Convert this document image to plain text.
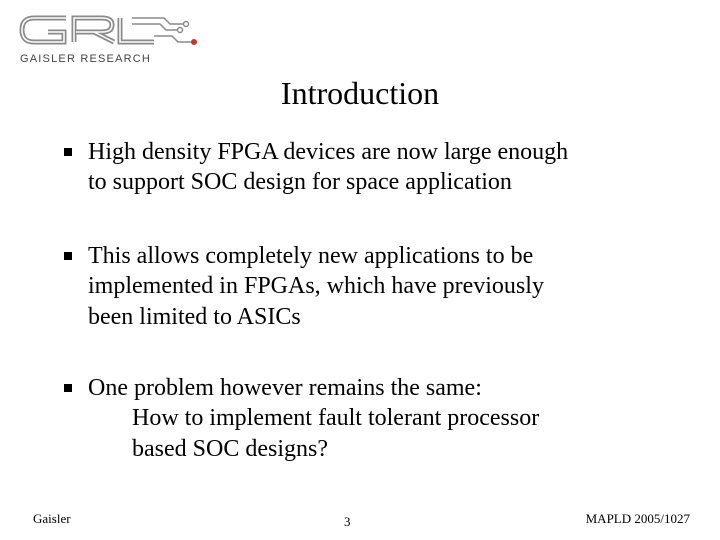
GAISLER RESEARCH
Introduction
High density FPGA devices are now large enough
to support SOC design for space application
This allows completely new applications to be
implemented in FPGAs, which have previously
been limited to ASICs
One problem however remains the same:
How to implement fault tolerant processor
based SOC designs?
Gaisler	3	MAPLD 2005/1027
